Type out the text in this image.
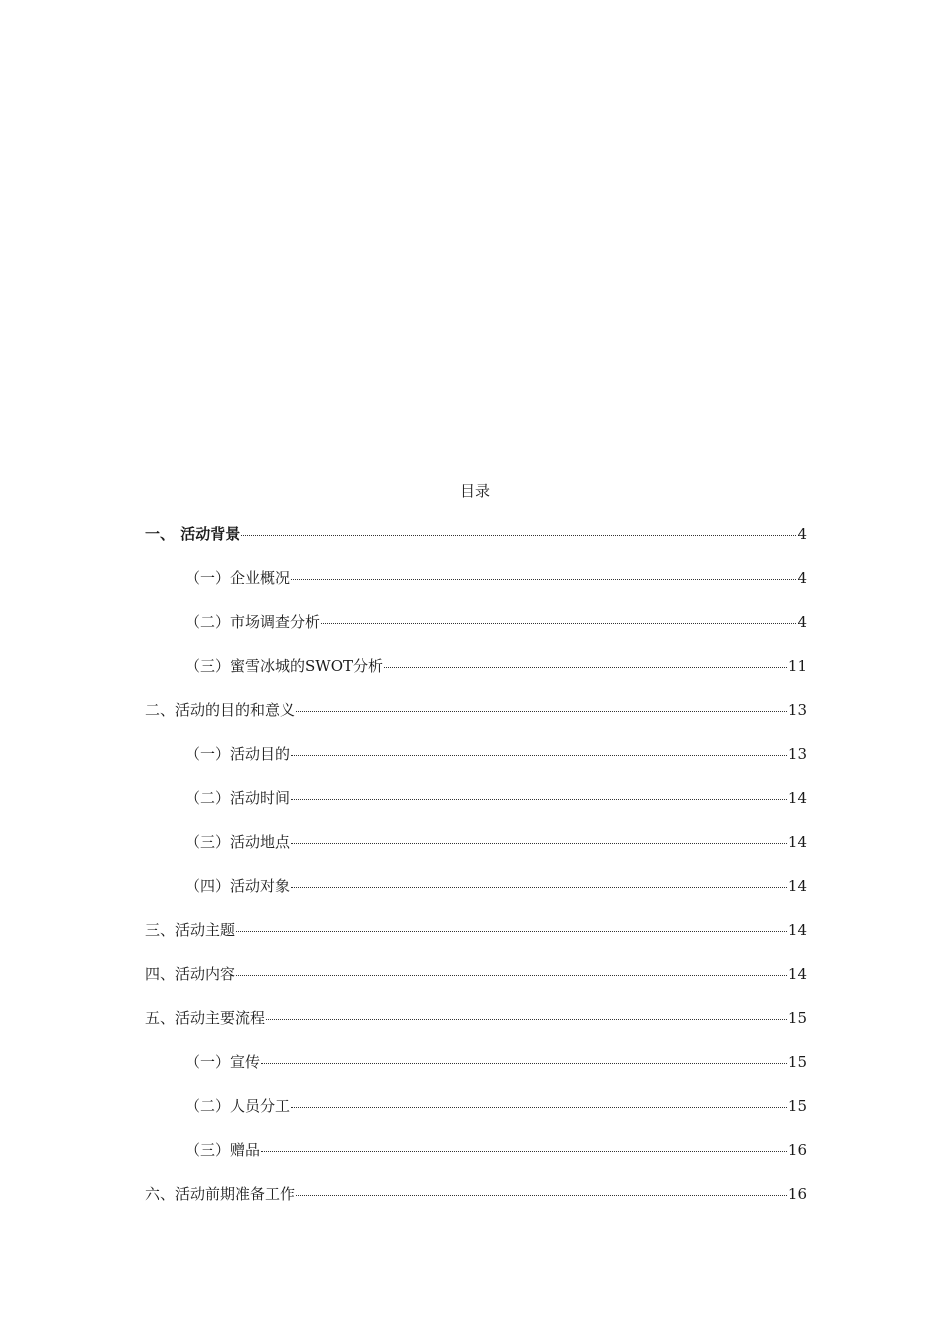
目录
一、 活动背景	4
（一）企业概况	4
（二）市场调查分析	4
（三）蜜雪冰城的SWOT分析	11
二、活动的目的和意义	13
（一）活动目的	13
（二）活动时间	14
（三）活动地点	14
（四）活动对象	14
三、活动主题	14
四、活动内容	14
五、活动主要流程	15
（一）宣传	15
（二）人员分工	15
（三）赠品	16
六、活动前期准备工作	16
